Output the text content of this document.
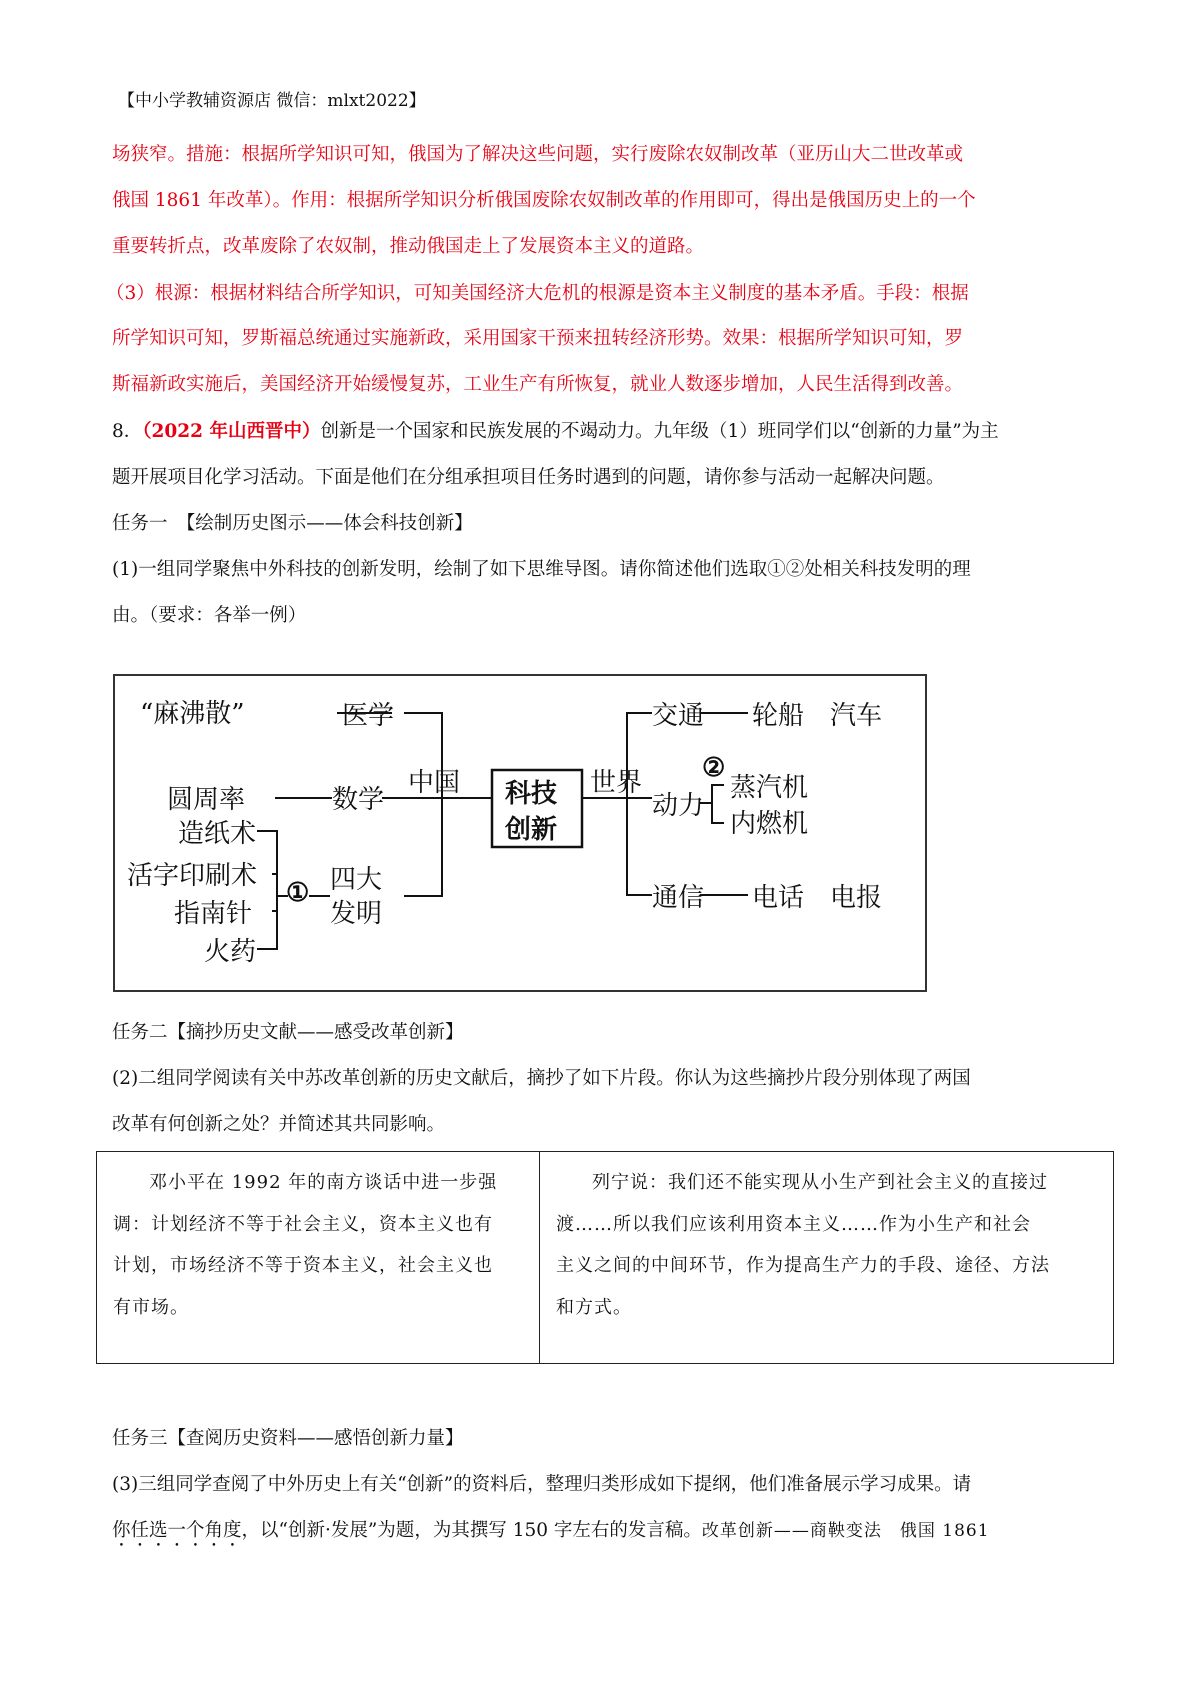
【中小学教辅资源店 微信：mlxt2022】
场狭窄。措施：根据所学知识可知，俄国为了解决这些问题，实行废除农奴制改革（亚历山大二世改革或
俄国 1861 年改革）。作用：根据所学知识分析俄国废除农奴制改革的作用即可，得出是俄国历史上的一个
重要转折点，改革废除了农奴制，推动俄国走上了发展资本主义的道路。
（3）根源：根据材料结合所学知识，可知美国经济大危机的根源是资本主义制度的基本矛盾。手段：根据
所学知识可知，罗斯福总统通过实施新政，采用国家干预来扭转经济形势。效果：根据所学知识可知，罗
斯福新政实施后，美国经济开始缓慢复苏，工业生产有所恢复，就业人数逐步增加，人民生活得到改善。
8．（2022 年山西晋中）创新是一个国家和民族发展的不竭动力。九年级（1）班同学们以“创新的力量”为主
题开展项目化学习活动。下面是他们在分组承担项目任务时遇到的问题，请你参与活动一起解决问题。
任务一　【绘制历史图示——体会科技创新】
(1)一组同学聚焦中外科技的创新发明，绘制了如下思维导图。请你简述他们选取①②处相关科技发明的理
由。（要求：各举一例）
“麻沸散”	医学
圆周率	数学
造纸术
活字印刷术
指南针
火药
① 四大
发明
中国 科技
创新
世界
交通 轮船　汽车
动力
②
蒸汽机
内燃机
通信 电话　电报
任务二【摘抄历史文献——感受改革创新】
(2)二组同学阅读有关中苏改革创新的历史文献后，摘抄了如下片段。你认为这些摘抄片段分别体现了两国
改革有何创新之处？并简述其共同影响。
邓小平在 1992 年的南方谈话中进一步强
调：计划经济不等于社会主义，资本主义也有
计划，市场经济不等于资本主义，社会主义也
有市场。
列宁说：我们还不能实现从小生产到社会主义的直接过
渡……所以我们应该利用资本主义……作为小生产和社会
主义之间的中间环节，作为提高生产力的手段、途径、方法
和方式。
任务三【查阅历史资料——感悟创新力量】
(3)三组同学查阅了中外历史上有关“创新”的资料后，整理归类形成如下提纲，他们准备展示学习成果。请
你任选一个角度，以“创新·发展”为题，为其撰写 150 字左右的发言稿。改革创新——商鞅变法　俄国 1861
